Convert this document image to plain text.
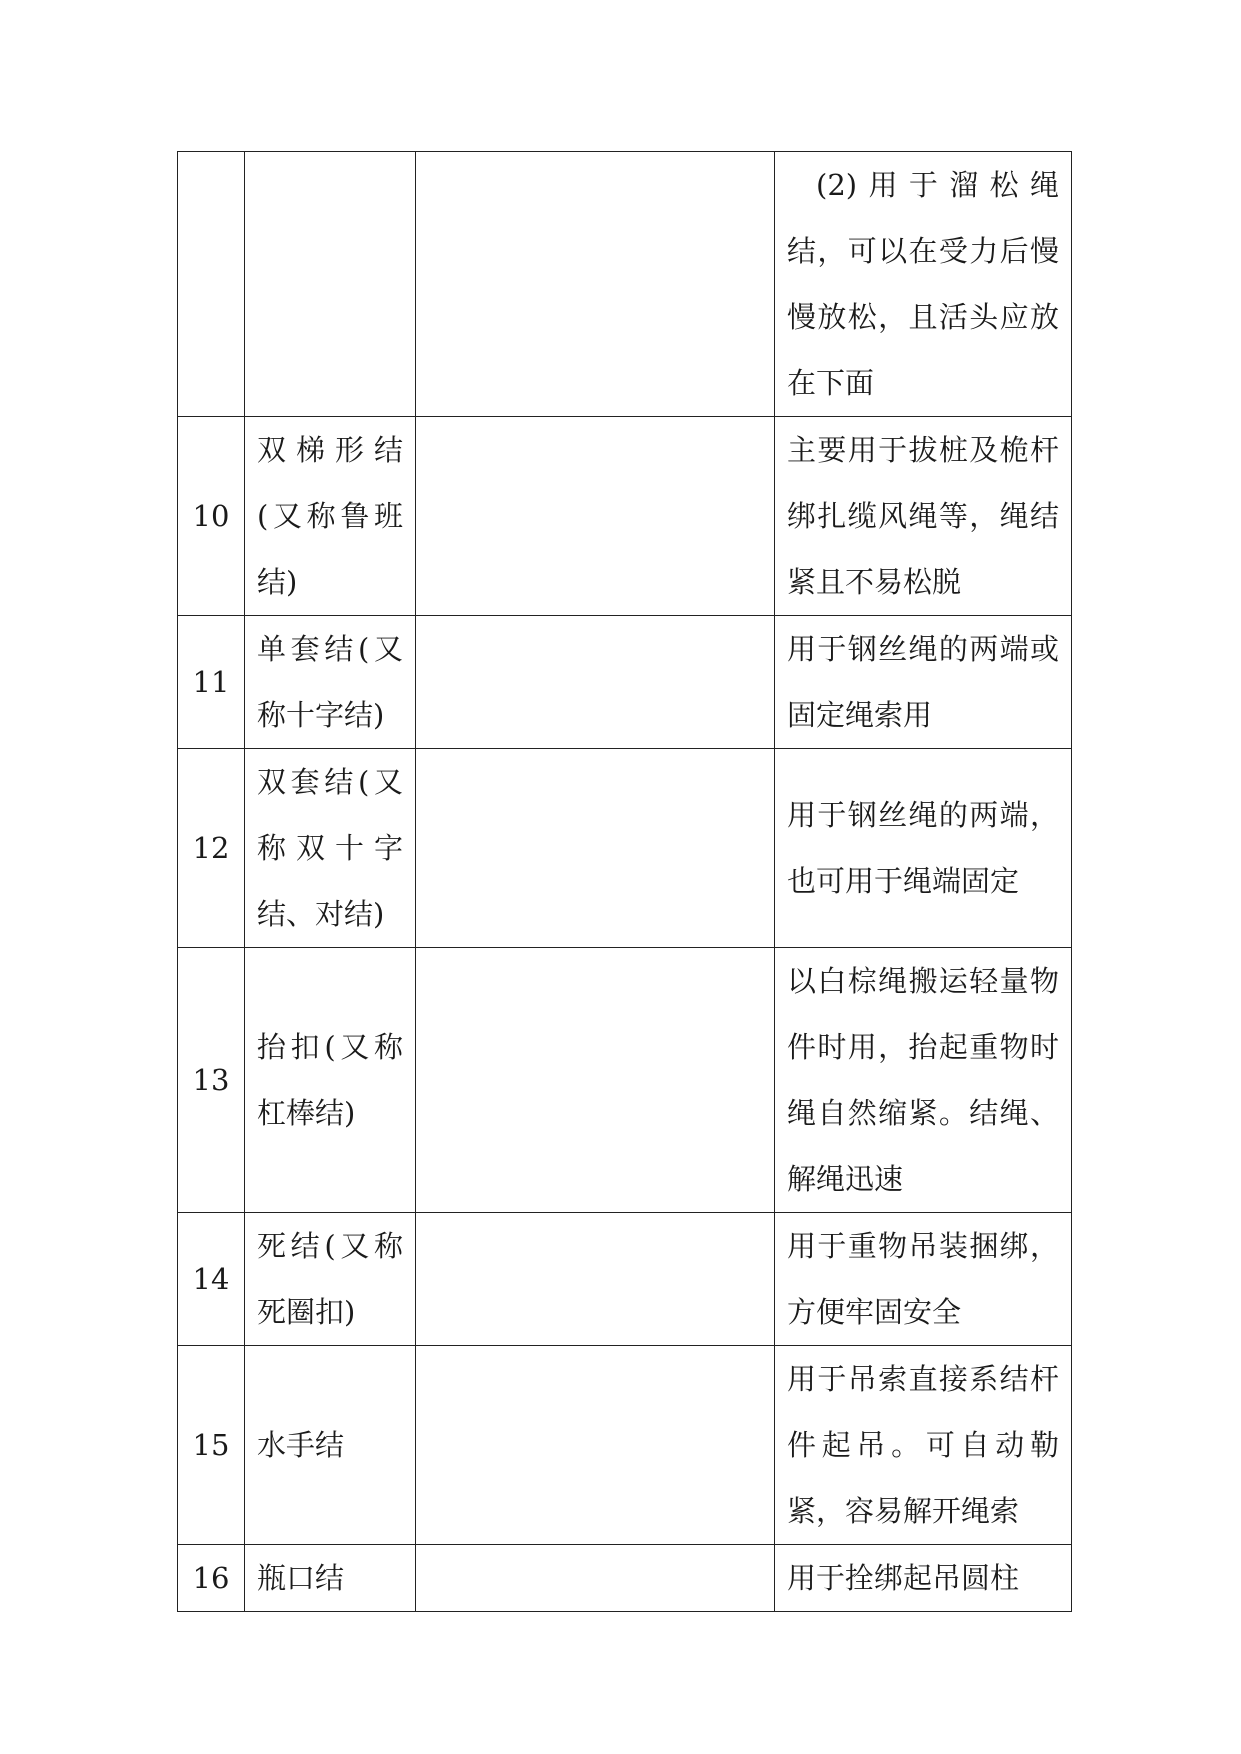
			(2)用于溜松绳结，可以在受力后慢慢放松，且活头应放在下面
10	双梯形结(又称鲁班结)		主要用于拔桩及桅杆绑扎缆风绳等，绳结紧且不易松脱
11	单套结(又称十字结)		用于钢丝绳的两端或固定绳索用
12	双套结(又称双十字结、对结)		用于钢丝绳的两端，也可用于绳端固定
13	抬扣(又称杠棒结)		以白棕绳搬运轻量物件时用，抬起重物时绳自然缩紧。结绳、解绳迅速
14	死结(又称死圈扣)		用于重物吊装捆绑，方便牢固安全
15	水手结		用于吊索直接系结杆件起吊。可自动勒紧，容易解开绳索
16	瓶口结		用于拴绑起吊圆柱
